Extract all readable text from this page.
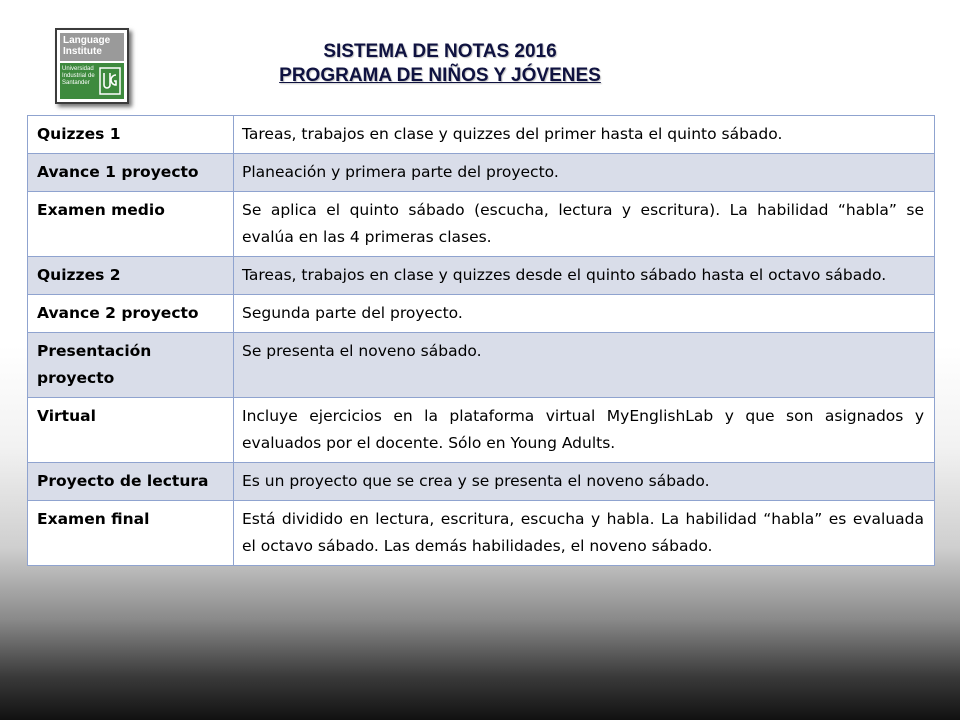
Language
Institute
Universidad
Industrial de
Santander
SISTEMA DE NOTAS 2016
PROGRAMA DE NIÑOS Y JÓVENES
Quizzes 1	Tareas, trabajos en clase y quizzes del primer hasta el quinto sábado.
Avance 1 proyecto	Planeación y primera parte del proyecto.
Examen medio	Se aplica el quinto sábado (escucha, lectura y escritura). La habilidad “habla” se evalúa en las 4 primeras clases.
Quizzes 2	Tareas, trabajos en clase y quizzes desde el quinto sábado hasta el octavo sábado.
Avance 2 proyecto	Segunda parte del proyecto.
Presentación proyecto	Se presenta el noveno sábado.
Virtual	Incluye ejercicios en la plataforma virtual MyEnglishLab y que son asignados y evaluados por el docente. Sólo en Young Adults.
Proyecto de lectura	Es un proyecto que se crea y se presenta el noveno sábado.
Examen final	Está dividido en lectura, escritura, escucha y habla. La habilidad “habla” es evaluada el octavo sábado. Las demás habilidades, el noveno sábado.
